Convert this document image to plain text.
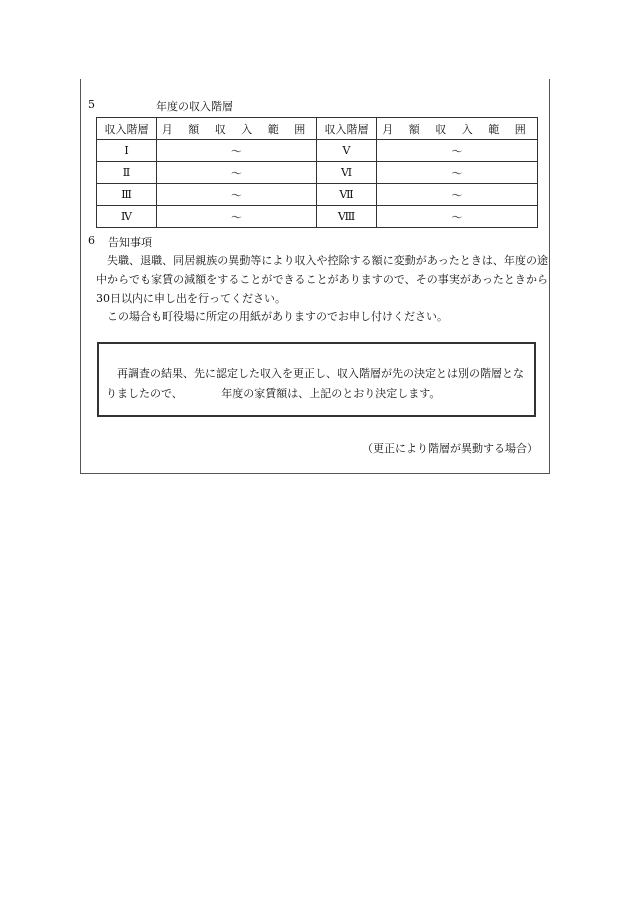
5	年度の収入階層
収入階層	月 額 収 入 範 囲	収入階層	月 額 収 入 範 囲
Ⅰ	～	Ⅴ	～
Ⅱ	～	Ⅵ	～
Ⅲ	～	Ⅶ	～
Ⅳ	～	Ⅷ	～
6 告知事項

失職、退職、同居親族の異動等により収入や控除する額に変動があったときは、年度の途中からでも家賃の減額をすることができることがありますので、その事実があったときから30日以内に申し出を行ってください。

この場合も町役場に所定の用紙がありますのでお申し付けください。

再調査の結果、先に認定した収入を更正し、収入階層が先の決定とは別の階層となりましたので、　　　　年度の家賃額は、上記のとおり決定します。

（更正により階層が異動する場合）
